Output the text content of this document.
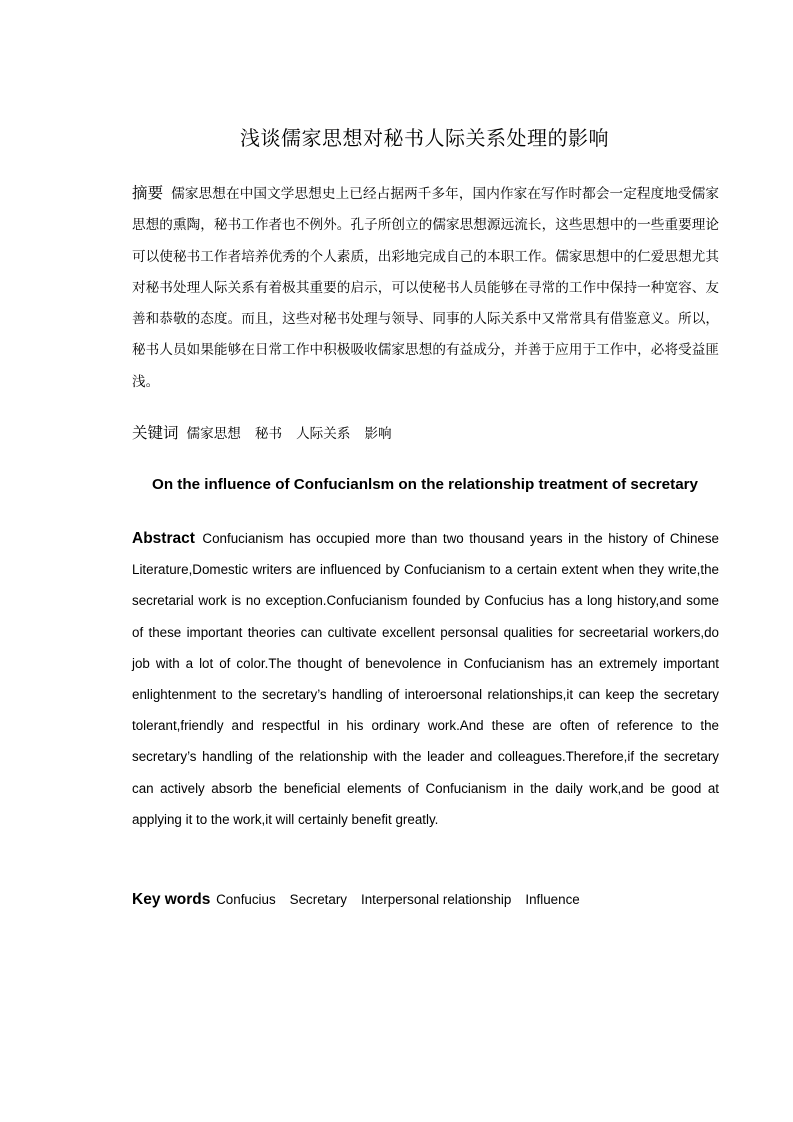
浅谈儒家思想对秘书人际关系处理的影响
摘要 儒家思想在中国文学思想史上已经占据两千多年，国内作家在写作时都会一定程度地受儒家思想的熏陶，秘书工作者也不例外。孔子所创立的儒家思想源远流长，这些思想中的一些重要理论可以使秘书工作者培养优秀的个人素质，出彩地完成自己的本职工作。儒家思想中的仁爱思想尤其对秘书处理人际关系有着极其重要的启示，可以使秘书人员能够在寻常的工作中保持一种宽容、友善和恭敬的态度。而且，这些对秘书处理与领导、同事的人际关系中又常常具有借鉴意义。所以，秘书人员如果能够在日常工作中积极吸收儒家思想的有益成分，并善于应用于工作中，必将受益匪浅。
关键词 儒家思想 秘书 人际关系 影响
On the influence of Confucianlsm on the relationship treatment of secretary
Abstract Confucianism has occupied more than two thousand years in the history of Chinese Literature,Domestic writers are influenced by Confucianism to a certain extent when they write,the secretarial work is no exception.Confucianism founded by Confucius has a long history,and some of these important theories can cultivate excellent personsal qualities for secreetarial workers,do job with a lot of color.The thought of benevolence in Confucianism has an extremely important enlightenment to the secretary’s handling of interoersonal relationships,it can keep the secretary tolerant,friendly and respectful in his ordinary work.And these are often of reference to the secretary’s handling of the relationship with the leader and colleagues.Therefore,if the secretary can actively absorb the beneficial elements of Confucianism in the daily work,and be good at applying it to the work,it will certainly benefit greatly.
Key words Confucius Secretary Interpersonal relationship Influence
